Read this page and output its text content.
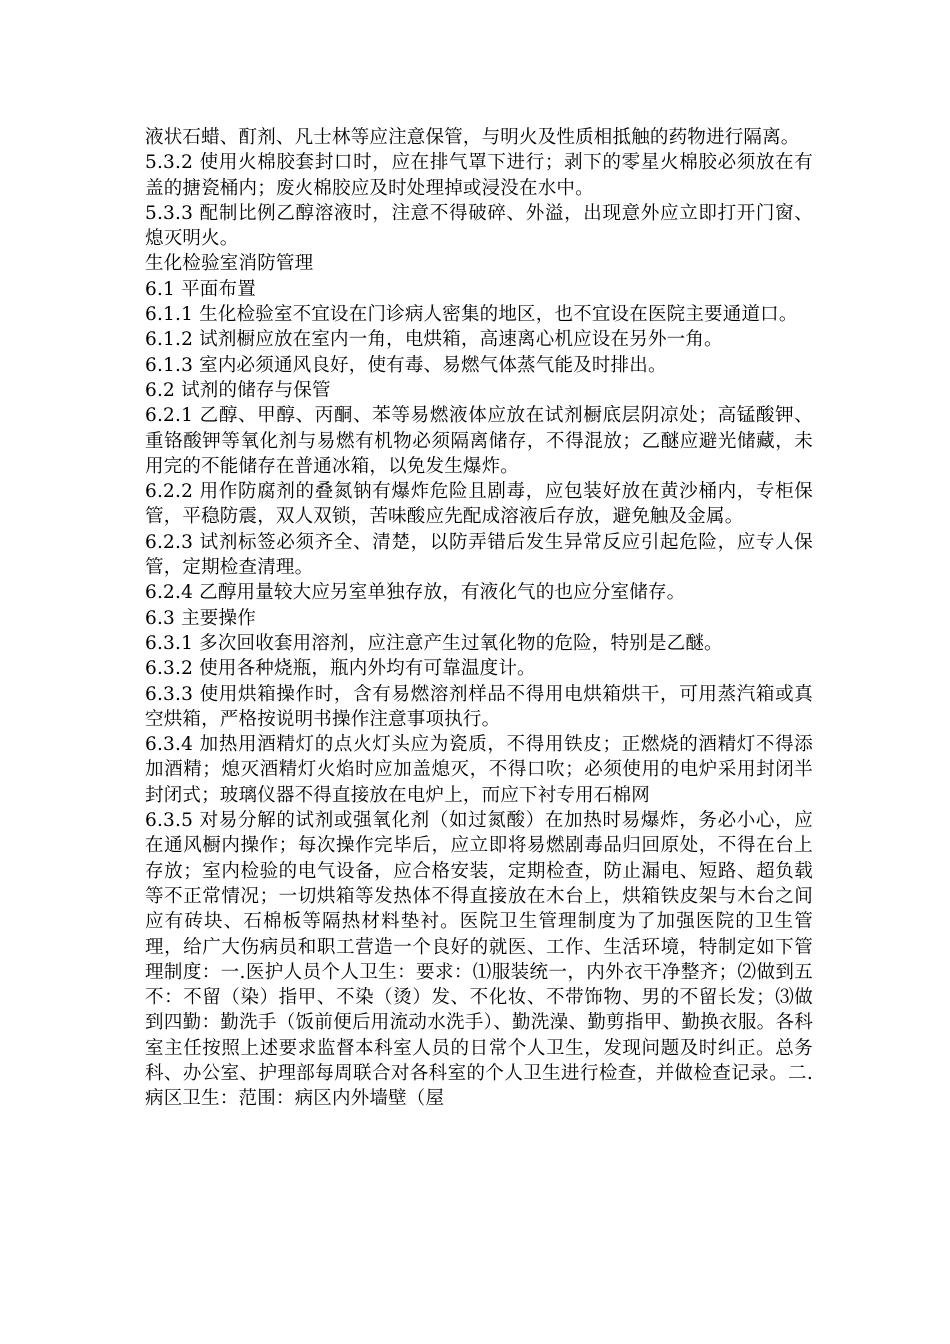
液状石蜡、酊剂、凡士林等应注意保管，与明火及性质相抵触的药物进行隔离。

5.3.2 使用火棉胶套封口时，应在排气罩下进行；剥下的零星火棉胶必须放在有盖的搪瓷桶内；废火棉胶应及时处理掉或浸没在水中。

5.3.3 配制比例乙醇溶液时，注意不得破碎、外溢，出现意外应立即打开门窗、熄灭明火。

生化检验室消防管理

6.1 平面布置

6.1.1 生化检验室不宜设在门诊病人密集的地区，也不宜设在医院主要通道口。

6.1.2 试剂橱应放在室内一角，电烘箱，高速离心机应设在另外一角。

6.1.3 室内必须通风良好，使有毒、易燃气体蒸气能及时排出。

6.2 试剂的储存与保管

6.2.1 乙醇、甲醇、丙酮、苯等易燃液体应放在试剂橱底层阴凉处；高锰酸钾、重铬酸钾等氧化剂与易燃有机物必须隔离储存，不得混放；乙醚应避光储藏，未用完的不能储存在普通冰箱，以免发生爆炸。

6.2.2 用作防腐剂的叠氮钠有爆炸危险且剧毒，应包装好放在黄沙桶内，专柜保管，平稳防震，双人双锁，苦味酸应先配成溶液后存放，避免触及金属。

6.2.3 试剂标签必须齐全、清楚，以防弄错后发生异常反应引起危险，应专人保管，定期检查清理。

6.2.4 乙醇用量较大应另室单独存放，有液化气的也应分室储存。

6.3 主要操作

6.3.1 多次回收套用溶剂，应注意产生过氧化物的危险，特别是乙醚。

6.3.2 使用各种烧瓶，瓶内外均有可靠温度计。

6.3.3 使用烘箱操作时，含有易燃溶剂样品不得用电烘箱烘干，可用蒸汽箱或真空烘箱，严格按说明书操作注意事项执行。

6.3.4 加热用酒精灯的点火灯头应为瓷质，不得用铁皮；正燃烧的酒精灯不得添加酒精；熄灭酒精灯火焰时应加盖熄灭，不得口吹；必须使用的电炉采用封闭半封闭式；玻璃仪器不得直接放在电炉上，而应下衬专用石棉网

6.3.5 对易分解的试剂或强氧化剂（如过氮酸）在加热时易爆炸，务必小心，应在通风橱内操作；每次操作完毕后，应立即将易燃剧毒品归回原处，不得在台上存放；室内检验的电气设备，应合格安装，定期检查，防止漏电、短路、超负载等不正常情况；一切烘箱等发热体不得直接放在木台上，烘箱铁皮架与木台之间应有砖块、石棉板等隔热材料垫衬。医院卫生管理制度为了加强医院的卫生管理，给广大伤病员和职工营造一个良好的就医、工作、生活环境，特制定如下管理制度：一.医护人员个人卫生：要求：⑴服装统一，内外衣干净整齐；⑵做到五不：不留（染）指甲、不染（烫）发、不化妆、不带饰物、男的不留长发；⑶做到四勤：勤洗手（饭前便后用流动水洗手）、勤洗澡、勤剪指甲、勤换衣服。各科室主任按照上述要求监督本科室人员的日常个人卫生，发现问题及时纠正。总务科、办公室、护理部每周联合对各科室的个人卫生进行检查，并做检查记录。二.病区卫生：范围：病区内外墙壁（屋
